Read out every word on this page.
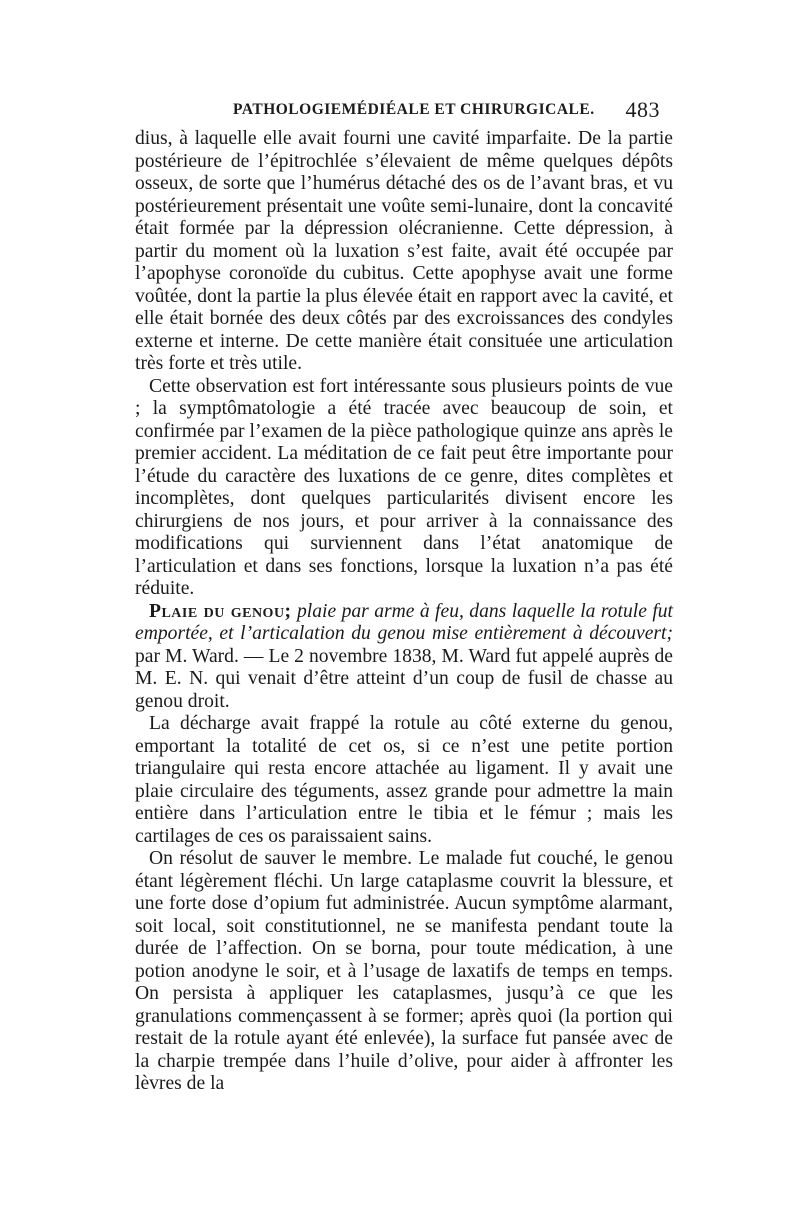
PATHOLOGIEMÉDIÉALE ET CHIRURGICALE. 483

dius, à laquelle elle avait fourni une cavité imparfaite. De la partie postérieure de l’épitrochlée s’élevaient de même quelques dépôts osseux, de sorte que l’humérus détaché des os de l’avant bras, et vu postérieurement présentait une voûte semi-lunaire, dont la concavité était formée par la dépression olécranienne. Cette dépression, à partir du moment où la luxation s’est faite, avait été occupée par l’apophyse coronoïde du cubitus. Cette apophyse avait une forme voûtée, dont la partie la plus élevée était en rapport avec la cavité, et elle était bornée des deux côtés par des excroissances des condyles externe et interne. De cette manière était consituée une articulation très forte et très utile.

Cette observation est fort intéressante sous plusieurs points de vue ; la symptômatologie a été tracée avec beaucoup de soin, et confirmée par l’examen de la pièce pathologique quinze ans après le premier accident. La méditation de ce fait peut être importante pour l’étude du caractère des luxations de ce genre, dites complètes et incomplètes, dont quelques particularités divisent encore les chirurgiens de nos jours, et pour arriver à la connaissance des modifications qui surviennent dans l’état anatomique de l’articulation et dans ses fonctions, lorsque la luxation n’a pas été réduite.

Plaie du genou; plaie par arme à feu, dans laquelle la rotule fut emportée, et l’articalation du genou mise entièrement à découvert; par M. Ward. — Le 2 novembre 1838, M. Ward fut appelé auprès de M. E. N. qui venait d’être atteint d’un coup de fusil de chasse au genou droit.

La décharge avait frappé la rotule au côté externe du genou, emportant la totalité de cet os, si ce n’est une petite portion triangulaire qui resta encore attachée au ligament. Il y avait une plaie circulaire des téguments, assez grande pour admettre la main entière dans l’articulation entre le tibia et le fémur ; mais les cartilages de ces os paraissaient sains.

On résolut de sauver le membre. Le malade fut couché, le genou étant légèrement fléchi. Un large cataplasme couvrit la blessure, et une forte dose d’opium fut administrée. Aucun symptôme alarmant, soit local, soit constitutionnel, ne se manifesta pendant toute la durée de l’affection. On se borna, pour toute médication, à une potion anodyne le soir, et à l’usage de laxatifs de temps en temps. On persista à appliquer les cataplasmes, jusqu’à ce que les granulations commençassent à se former; après quoi (la portion qui restait de la rotule ayant été enlevée), la surface fut pansée avec de la charpie trempée dans l’huile d’olive, pour aider à affronter les lèvres de la
